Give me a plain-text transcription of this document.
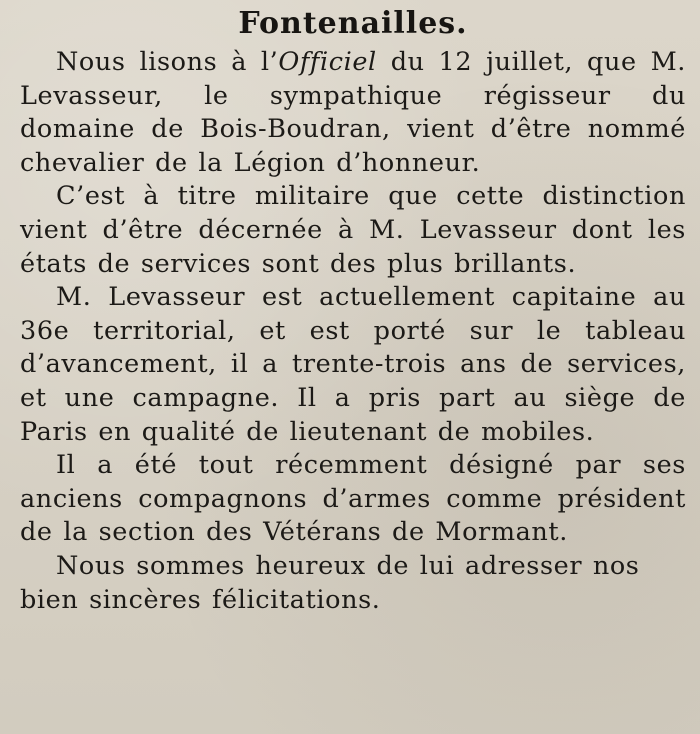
Fontenailles.

Nous lisons à l’Officiel du 12 juillet, que M. Levasseur, le sympathique régisseur du domaine de Bois-Boudran, vient d’être nommé chevalier de la Légion d’honneur.

C’est à titre militaire que cette distinction vient d’être décernée à M. Levasseur dont les états de services sont des plus brillants.

M. Levasseur est actuellement capitaine au 36e territorial, et est porté sur le tableau d’avancement, il a trente-trois ans de services, et une campagne. Il a pris part au siège de Paris en qualité de lieutenant de mobiles.

Il a été tout récemment désigné par ses anciens compagnons d’armes comme président de la section des Vétérans de Mormant.

Nous sommes heureux de lui adresser nos bien sincères félicitations.
